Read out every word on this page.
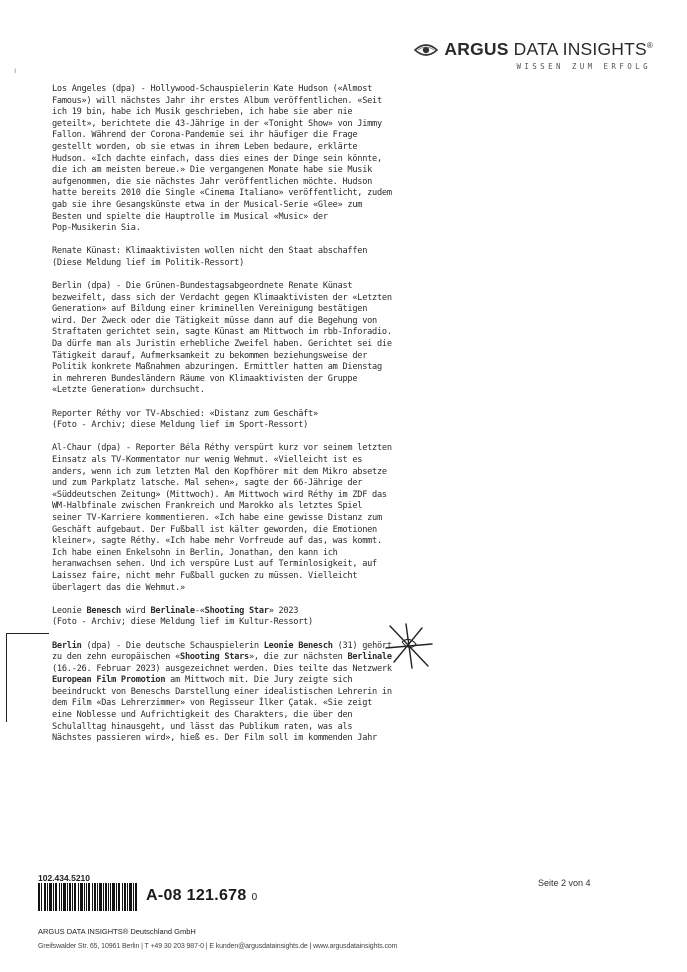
ARGUS DATA INSIGHTS®
WISSEN ZUM ERFOLG
ı

Los Angeles (dpa) - Hollywood-Schauspielerin Kate Hudson («Almost
Famous») will nächstes Jahr ihr erstes Album veröffentlichen. «Seit
ich 19 bin, habe ich Musik geschrieben, ich habe sie aber nie
geteilt», berichtete die 43-Jährige in der «Tonight Show» von Jimmy
Fallon. Während der Corona-Pandemie sei ihr häufiger die Frage
gestellt worden, ob sie etwas in ihrem Leben bedaure, erklärte
Hudson. «Ich dachte einfach, dass dies eines der Dinge sein könnte,
die ich am meisten bereue.» Die vergangenen Monate habe sie Musik
aufgenommen, die sie nächstes Jahr veröffentlichen möchte. Hudson
hatte bereits 2010 die Single «Cinema Italiano» veröffentlicht, zudem
gab sie ihre Gesangskünste etwa in der Musical-Serie «Glee» zum
Besten und spielte die Hauptrolle im Musical «Music» der
Pop-Musikerin Sia.

Renate Künast: Klimaaktivisten wollen nicht den Staat abschaffen
(Diese Meldung lief im Politik-Ressort)

Berlin (dpa) - Die Grünen-Bundestagsabgeordnete Renate Künast
bezweifelt, dass sich der Verdacht gegen Klimaaktivisten der «Letzten
Generation» auf Bildung einer kriminellen Vereinigung bestätigen
wird. Der Zweck oder die Tätigkeit müsse dann auf die Begehung von
Straftaten gerichtet sein, sagte Künast am Mittwoch im rbb-Inforadio.
Da dürfe man als Juristin erhebliche Zweifel haben. Gerichtet sei die
Tätigkeit darauf, Aufmerksamkeit zu bekommen beziehungsweise der
Politik konkrete Maßnahmen abzuringen. Ermittler hatten am Dienstag
in mehreren Bundesländern Räume von Klimaaktivisten der Gruppe
«Letzte Generation» durchsucht.

Reporter Réthy vor TV-Abschied: «Distanz zum Geschäft»
(Foto - Archiv; diese Meldung lief im Sport-Ressort)

Al-Chaur (dpa) - Reporter Béla Réthy verspürt kurz vor seinem letzten
Einsatz als TV-Kommentator nur wenig Wehmut. «Vielleicht ist es
anders, wenn ich zum letzten Mal den Kopfhörer mit dem Mikro absetze
und zum Parkplatz latsche. Mal sehen», sagte der 66-Jährige der
«Süddeutschen Zeitung» (Mittwoch). Am Mittwoch wird Réthy im ZDF das
WM-Halbfinale zwischen Frankreich und Marokko als letztes Spiel
seiner TV-Karriere kommentieren. «Ich habe eine gewisse Distanz zum
Geschäft aufgebaut. Der Fußball ist kälter geworden, die Emotionen
kleiner», sagte Réthy. «Ich habe mehr Vorfreude auf das, was kommt.
Ich habe einen Enkelsohn in Berlin, Jonathan, den kann ich
heranwachsen sehen. Und ich verspüre Lust auf Terminlosigkeit, auf
Laissez faire, nicht mehr Fußball gucken zu müssen. Vielleicht
überlagert das die Wehmut.»

Leonie Benesch wird Berlinale-«Shooting Star» 2023
(Foto - Archiv; diese Meldung lief im Kultur-Ressort)

Berlin (dpa) - Die deutsche Schauspielerin Leonie Benesch (31) gehört
zu den zehn europäischen «Shooting Stars», die zur nächsten Berlinale
(16.-26. Februar 2023) ausgezeichnet werden. Dies teilte das Netzwerk
European Film Promotion am Mittwoch mit. Die Jury zeigte sich
beeindruckt von Beneschs Darstellung einer idealistischen Lehrerin in
dem Film «Das Lehrerzimmer» von Regisseur İlker Çatak. «Sie zeigt
eine Noblesse und Aufrichtigkeit des Charakters, die über den
Schulalltag hinausgeht, und lässt das Publikum raten, was als
Nächstes passieren wird», hieß es. Der Film soll im kommenden Jahr

102.434.5210
A-08 121.678 0
Seite 2 von 4
ARGUS DATA INSIGHTS® Deutschland GmbH
Greifswalder Str. 65, 10961 Berlin | T +49 30 203 987-0 | E kunden@argusdatainsights.de | www.argusdatainsights.com
